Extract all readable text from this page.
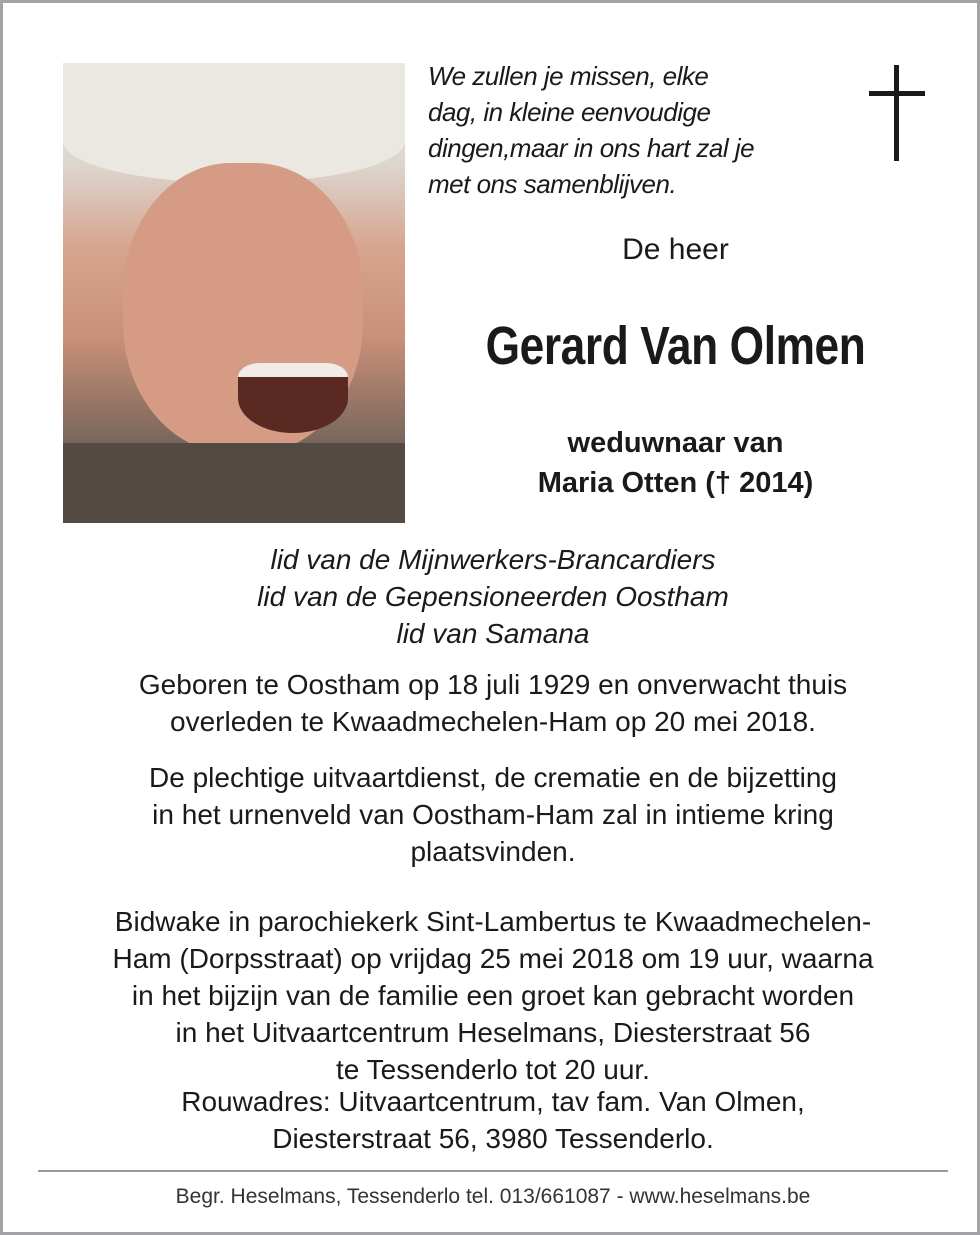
We zullen je missen, elke
dag, in kleine eenvoudige
dingen,maar in ons hart zal je
met ons samenblijven.
De heer
Gerard Van Olmen
weduwnaar van
Maria Otten († 2014)
lid van de Mijnwerkers-Brancardiers
lid van de Gepensioneerden Oostham
lid van Samana
Geboren te Oostham op 18 juli 1929 en onverwacht thuis
overleden te Kwaadmechelen-Ham op 20 mei 2018.
De plechtige uitvaartdienst, de crematie en de bijzetting
in het urnenveld van Oostham-Ham zal in intieme kring
plaatsvinden.
Bidwake in parochiekerk Sint-Lambertus te Kwaadmechelen-
Ham (Dorpsstraat) op vrijdag 25 mei 2018 om 19 uur, waarna
in het bijzijn van de familie een groet kan gebracht worden
in het Uitvaartcentrum Heselmans, Diesterstraat 56
te Tessenderlo tot 20 uur.
Rouwadres: Uitvaartcentrum, tav fam. Van Olmen,
Diesterstraat 56, 3980 Tessenderlo.
Begr. Heselmans, Tessenderlo tel. 013/661087 - www.heselmans.be
